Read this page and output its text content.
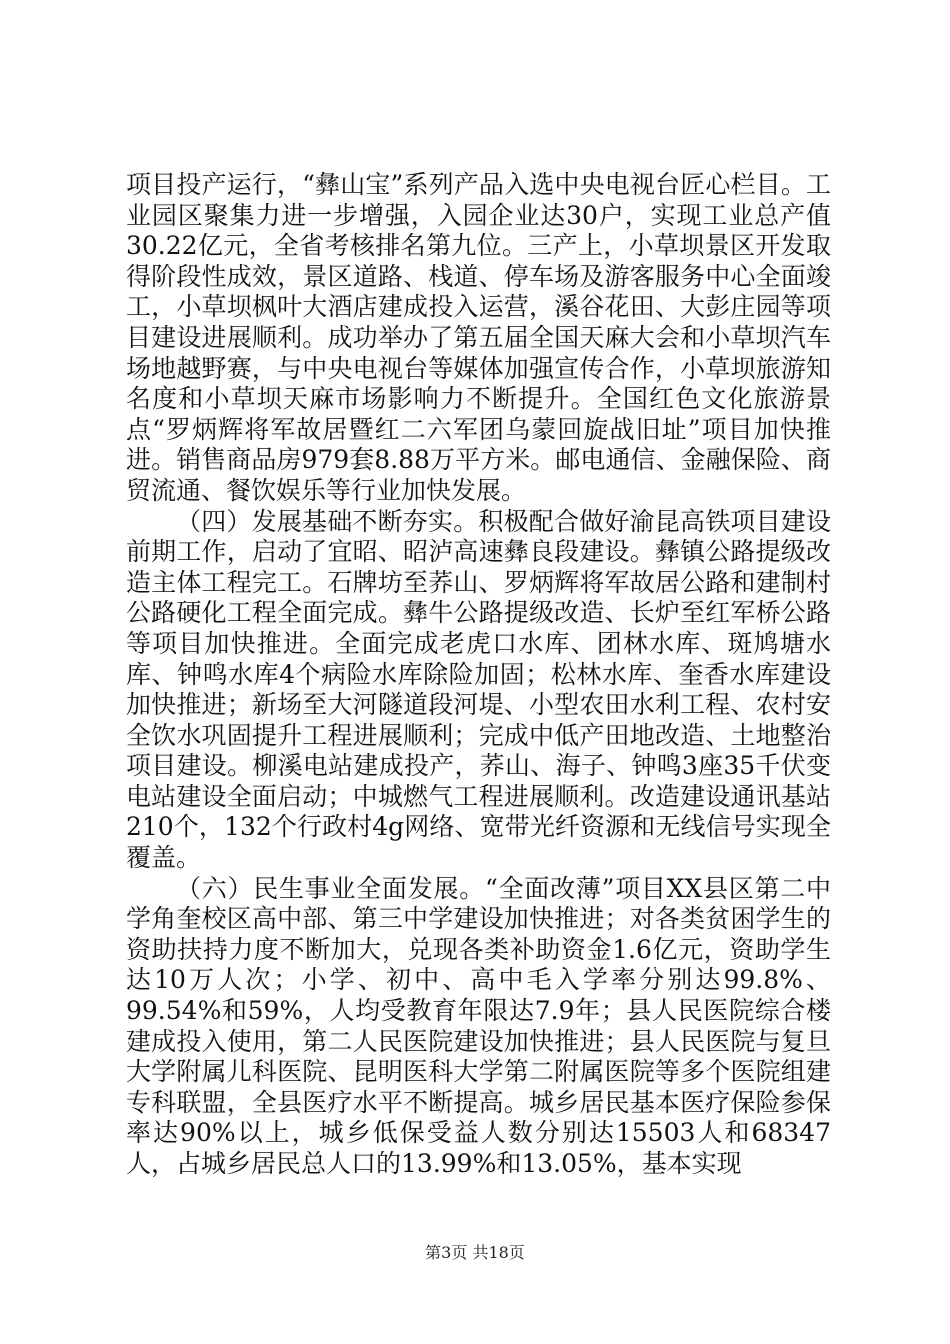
项目投产运行，“彝山宝”系列产品入选中央电视台匠心栏目。工业园区聚集力进一步增强，入园企业达30户，实现工业总产值30.22亿元，全省考核排名第九位。三产上，小草坝景区开发取得阶段性成效，景区道路、栈道、停车场及游客服务中心全面竣工，小草坝枫叶大酒店建成投入运营，溪谷花田、大彭庄园等项目建设进展顺利。成功举办了第五届全国天麻大会和小草坝汽车场地越野赛，与中央电视台等媒体加强宣传合作，小草坝旅游知名度和小草坝天麻市场影响力不断提升。全国红色文化旅游景点“罗炳辉将军故居暨红二六军团乌蒙回旋战旧址”项目加快推进。销售商品房979套8.88万平方米。邮电通信、金融保险、商贸流通、餐饮娱乐等行业加快发展。

（四）发展基础不断夯实。积极配合做好渝昆高铁项目建设前期工作，启动了宜昭、昭泸高速彝良段建设。彝镇公路提级改造主体工程完工。石牌坊至荞山、罗炳辉将军故居公路和建制村公路硬化工程全面完成。彝牛公路提级改造、长炉至红军桥公路等项目加快推进。全面完成老虎口水库、团林水库、斑鸠塘水库、钟鸣水库4个病险水库除险加固；松林水库、奎香水库建设加快推进；新场至大河隧道段河堤、小型农田水利工程、农村安全饮水巩固提升工程进展顺利；完成中低产田地改造、土地整治项目建设。柳溪电站建成投产，荞山、海子、钟鸣3座35千伏变电站建设全面启动；中城燃气工程进展顺利。改造建设通讯基站210个，132个行政村4g网络、宽带光纤资源和无线信号实现全覆盖。

（六）民生事业全面发展。“全面改薄”项目XX县区第二中学角奎校区高中部、第三中学建设加快推进；对各类贫困学生的资助扶持力度不断加大，兑现各类补助资金1.6亿元，资助学生达10万人次；小学、初中、高中毛入学率分别达99.8%、99.54%和59%，人均受教育年限达7.9年；县人民医院综合楼建成投入使用，第二人民医院建设加快推进；县人民医院与复旦大学附属儿科医院、昆明医科大学第二附属医院等多个医院组建专科联盟，全县医疗水平不断提高。城乡居民基本医疗保险参保率达90%以上，城乡低保受益人数分别达15503人和68347人，占城乡居民总人口的13.99%和13.05%，基本实现

第3页 共18页
